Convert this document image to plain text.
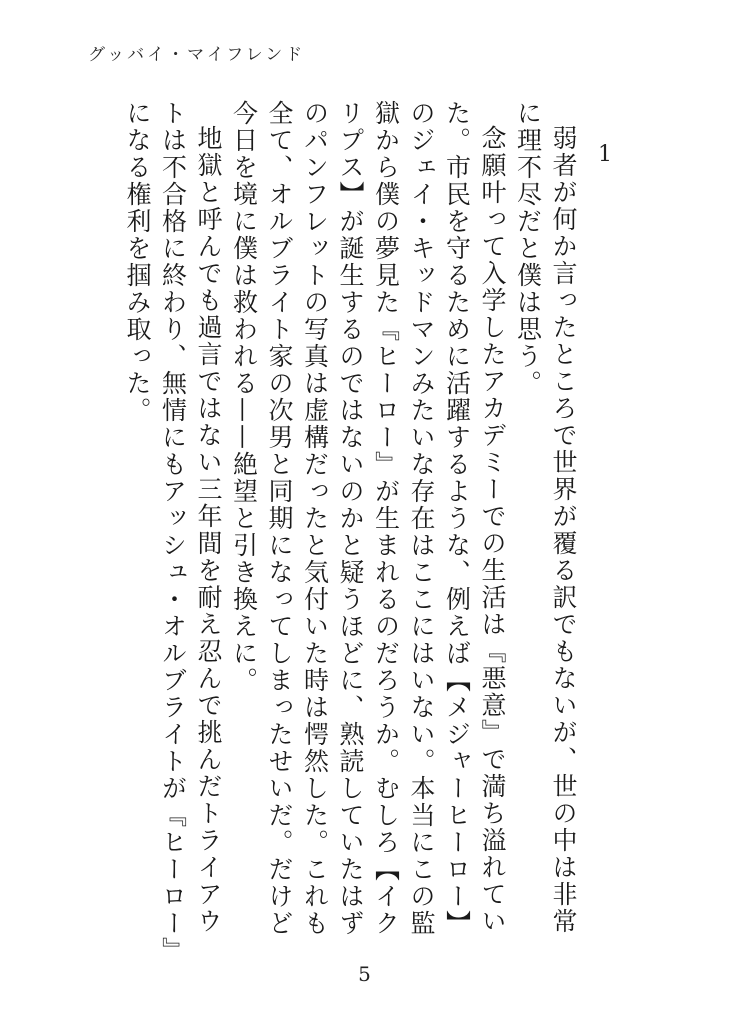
グッバイ・マイフレンド
1

弱者が何か言ったところで世界が覆る訳でもないが、世の中は非常に理不尽だと僕は思う。

念願叶って入学したアカデミーでの生活は『悪意』で満ち溢れていた。市民を守るために活躍するような、例えば【メジャーヒーロー】のジェイ・キッドマンみたいな存在はここにはいない。本当にこの監獄から僕の夢見た『ヒーロー』が生まれるのだろうか。むしろ【イクリプス】が誕生するのではないのかと疑うほどに、熟読していたはずのパンフレットの写真は虚構だったと気付いた時は愕然した。これも全て、オルブライト家の次男と同期になってしまったせいだ。だけど今日を境に僕は救われる——絶望と引き換えに。

地獄と呼んでも過言ではない三年間を耐え忍んで挑んだトライアウトは不合格に終わり、無情にもアッシュ・オルブライトが『ヒーロー』になる権利を掴み取った。

5
